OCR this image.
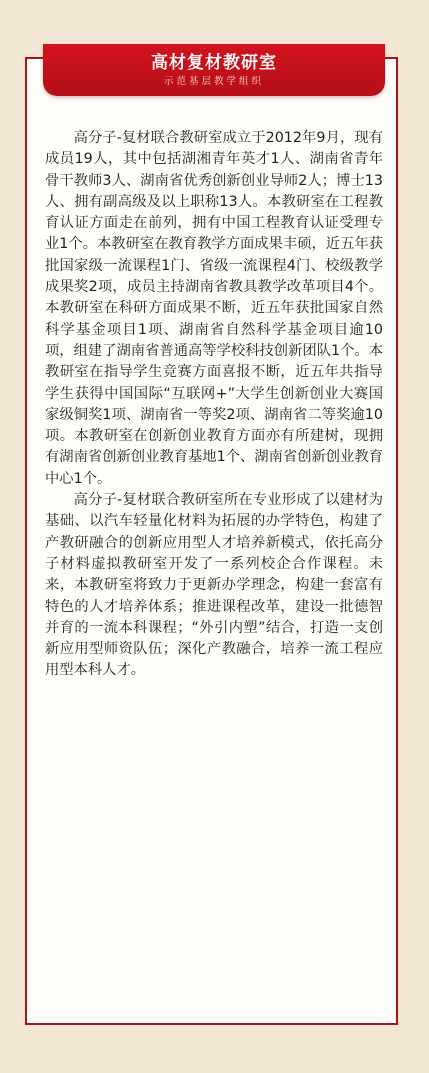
高材复材教研室
示范基层教学组织

高分子-复材联合教研室成立于2012年9月，现有成员19人，其中包括湖湘青年英才1人、湖南省青年骨干教师3人、湖南省优秀创新创业导师2人；博士13人、拥有副高级及以上职称13人。本教研室在工程教育认证方面走在前列，拥有中国工程教育认证受理专业1个。本教研室在教育教学方面成果丰硕，近五年获批国家级一流课程1门、省级一流课程4门、校级教学成果奖2项，成员主持湖南省教具教学改革项目4个。本教研室在科研方面成果不断，近五年获批国家自然科学基金项目1项、湖南省自然科学基金项目逾10项，组建了湖南省普通高等学校科技创新团队1个。本教研室在指导学生竞赛方面喜报不断，近五年共指导学生获得中国国际“互联网+”大学生创新创业大赛国家级铜奖1项、湖南省一等奖2项、湖南省二等奖逾10项。本教研室在创新创业教育方面亦有所建树，现拥有湖南省创新创业教育基地1个、湖南省创新创业教育中心1个。

高分子-复材联合教研室所在专业形成了以建材为基础、以汽车轻量化材料为拓展的办学特色，构建了产教研融合的创新应用型人才培养新模式，依托高分子材料虚拟教研室开发了一系列校企合作课程。未来，本教研室将致力于更新办学理念，构建一套富有特色的人才培养体系；推进课程改革，建设一批德智并育的一流本科课程；“外引内塑”结合，打造一支创新应用型师资队伍；深化产教融合，培养一流工程应用型本科人才。
